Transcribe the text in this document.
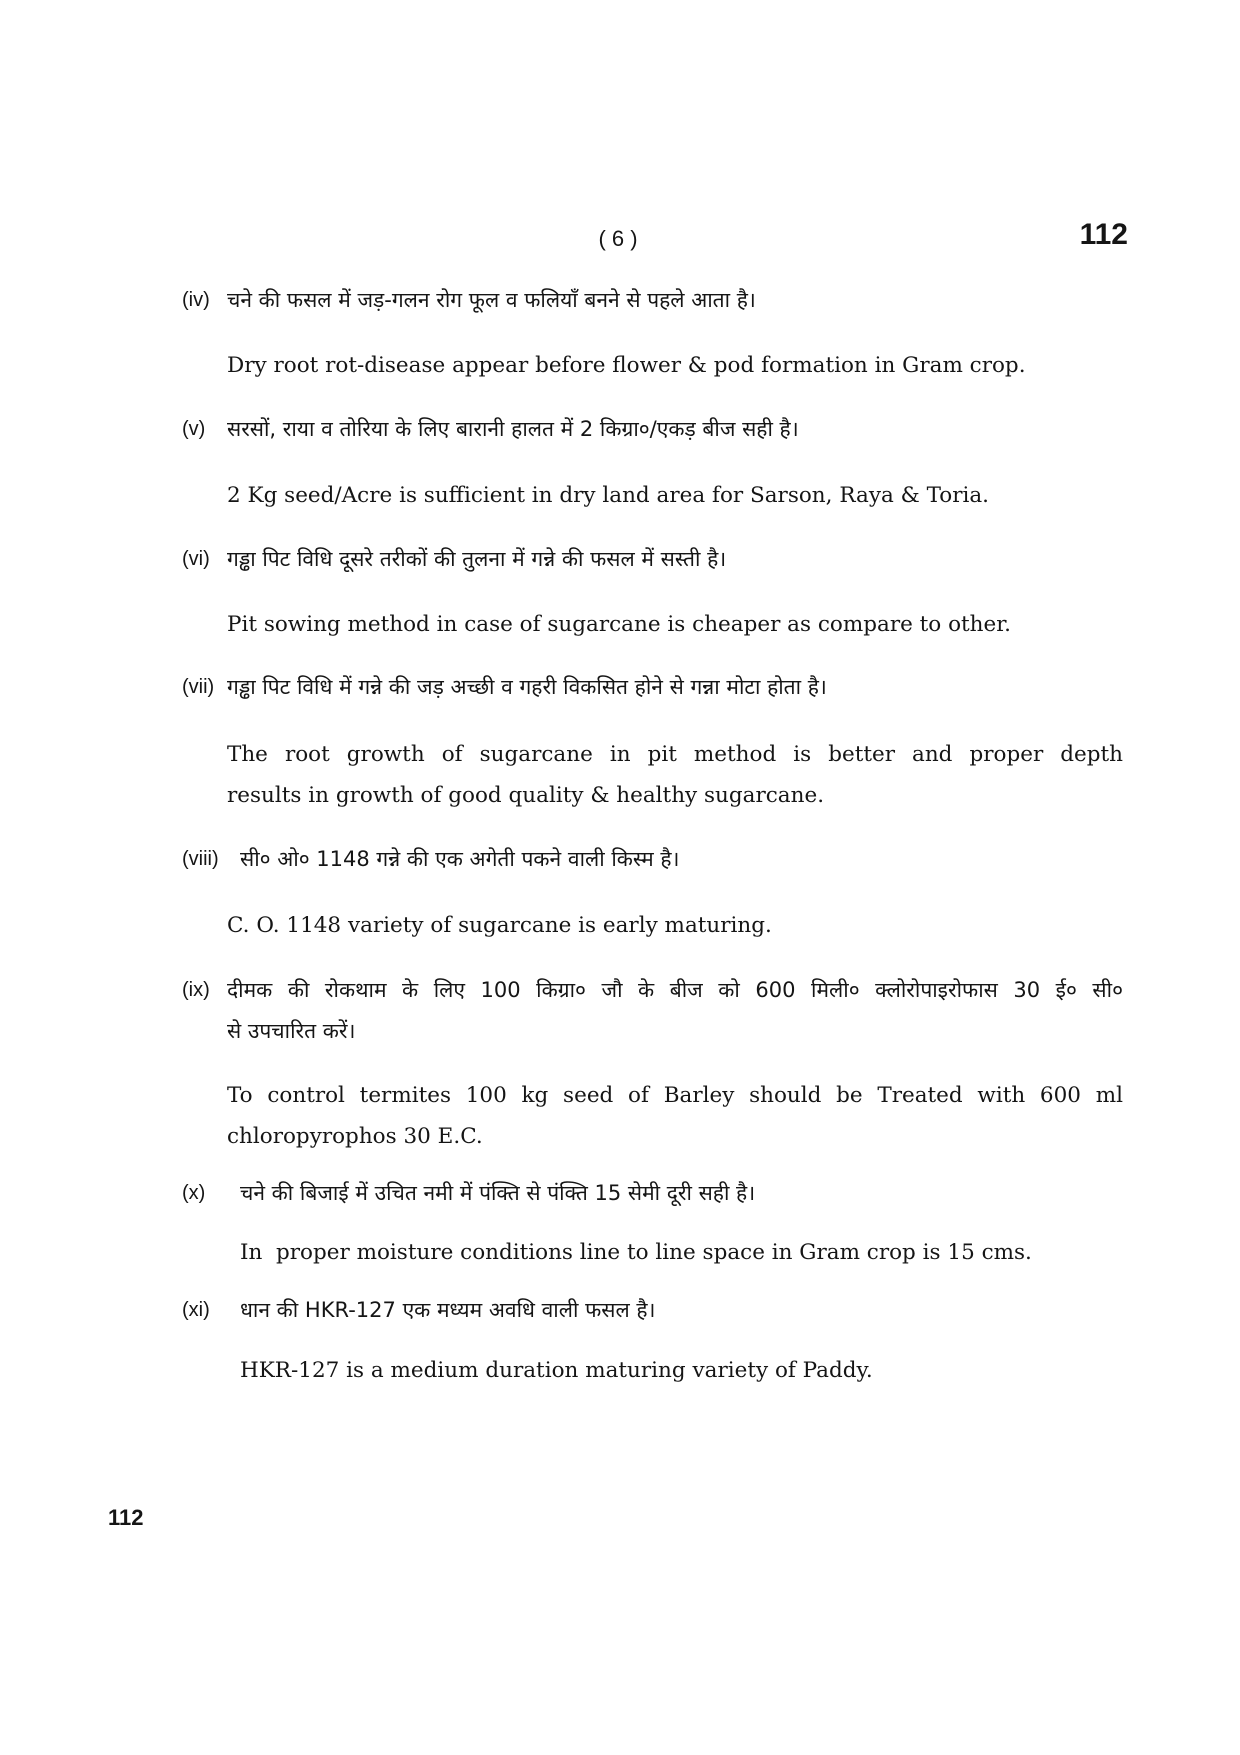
( 6 )	112
(iv) चने की फसल में जड़-गलन रोग फूल व फलियाँ बनने से पहले आता है।
Dry root rot-disease appear before flower & pod formation in Gram crop.
(v) सरसों, राया व तोरिया के लिए बारानी हालत में 2 किग्रा०/एकड़ बीज सही है।
2 Kg seed/Acre is sufficient in dry land area for Sarson, Raya & Toria.
(vi) गड्ढा पिट विधि दूसरे तरीकों की तुलना में गन्ने की फसल में सस्ती है।
Pit sowing method in case of sugarcane is cheaper as compare to other.
(vii) गड्ढा पिट विधि में गन्ने की जड़ अच्छी व गहरी विकसित होने से गन्ना मोटा होता है।
The root growth of sugarcane in pit method is better and proper depth
results in growth of good quality & healthy sugarcane.
(viii) सी० ओ० 1148 गन्ने की एक अगेती पकने वाली किस्म है।
C. O. 1148 variety of sugarcane is early maturing.
(ix) दीमक की रोकथाम के लिए 100 किग्रा० जौ के बीज को 600 मिली० क्लोरोपाइरोफास 30 ई० सी०
से उपचारित करें।
To control termites 100 kg seed of Barley should be Treated with 600 ml
chloropyrophos 30 E.C.
(x) चने की बिजाई में उचित नमी में पंक्ति से पंक्ति 15 सेमी दूरी सही है।
In  proper moisture conditions line to line space in Gram crop is 15 cms.
(xi) धान की HKR-127 एक मध्यम अवधि वाली फसल है।
HKR-127 is a medium duration maturing variety of Paddy.
112
